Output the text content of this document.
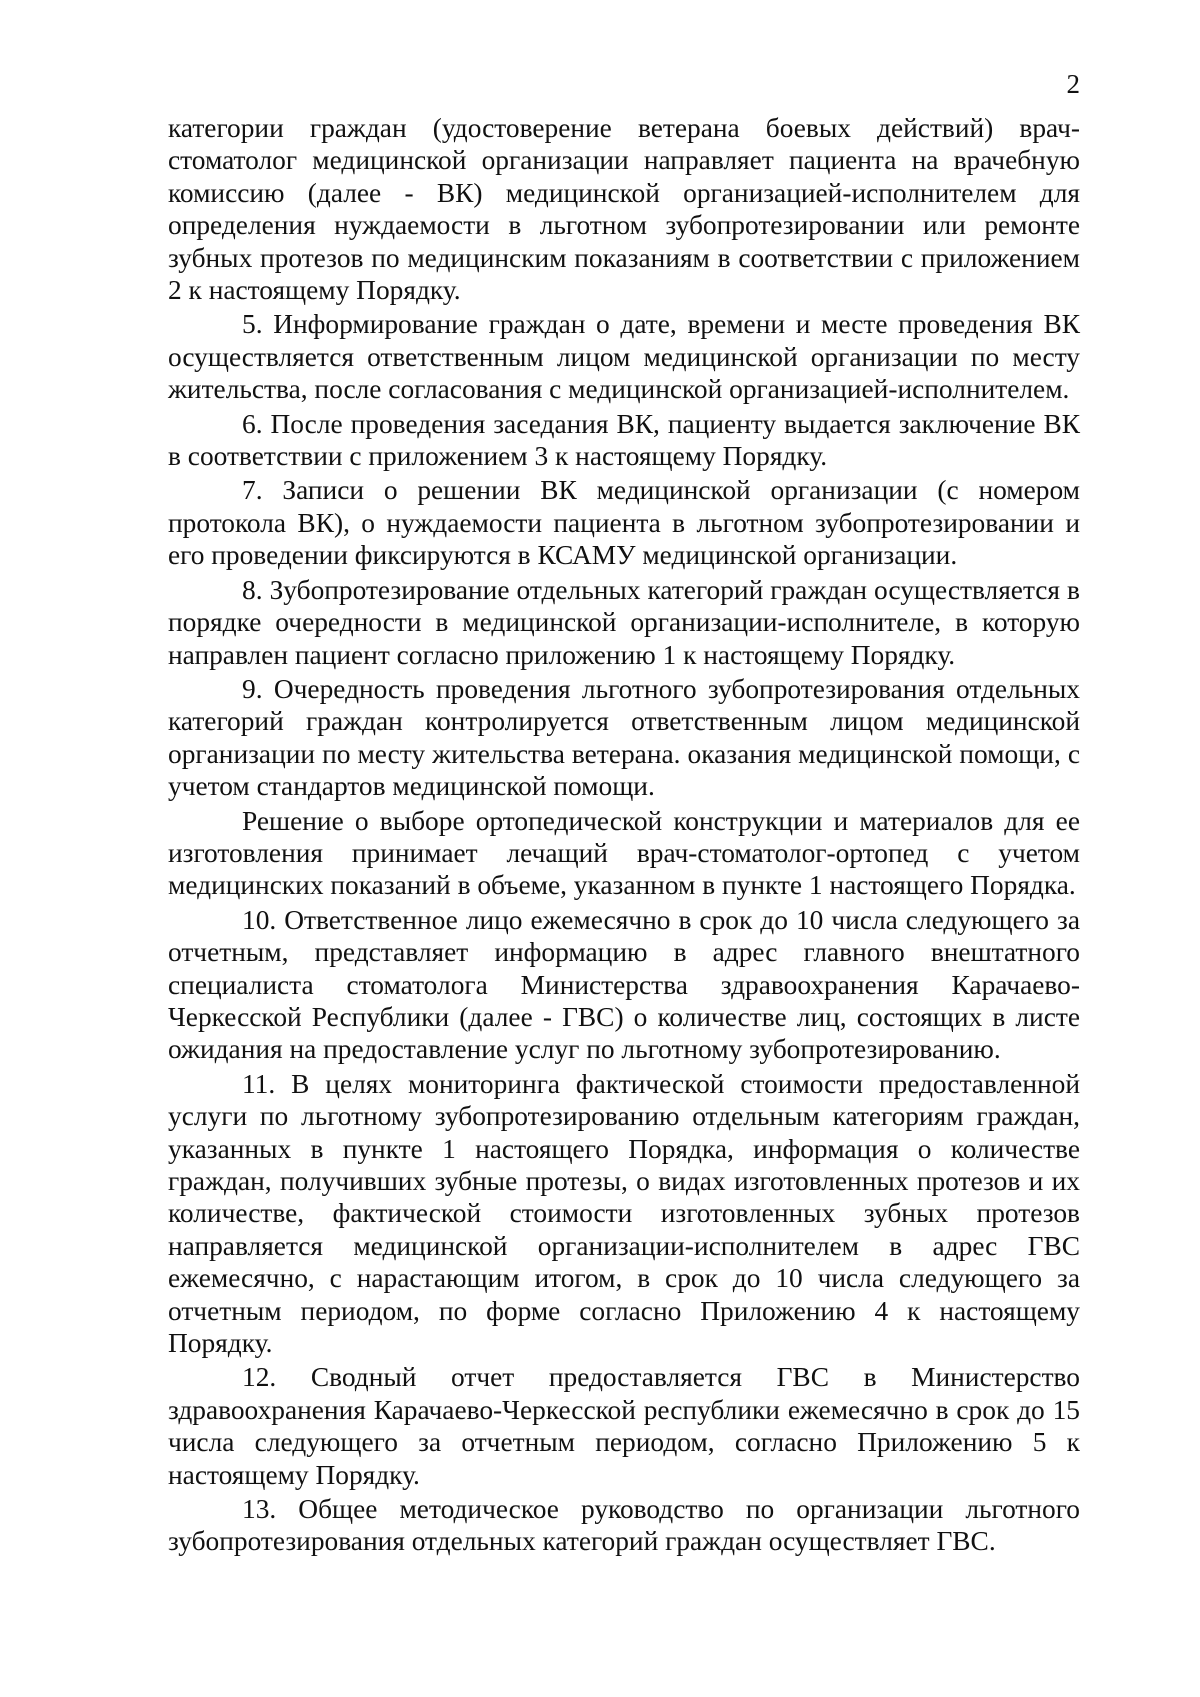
2

категории граждан (удостоверение ветерана боевых действий) врач-стоматолог медицинской организации направляет пациента на врачебную комиссию (далее - ВК) медицинской организацией-исполнителем для определения нуждаемости в льготном зубопротезировании или ремонте зубных протезов по медицинским показаниям в соответствии с приложением 2 к настоящему Порядку.

5. Информирование граждан о дате, времени и месте проведения ВК осуществляется ответственным лицом медицинской организации по месту жительства, после согласования с медицинской организацией-исполнителем.

6. После проведения заседания ВК, пациенту выдается заключение ВК в соответствии с приложением 3 к настоящему Порядку.

7. Записи о решении ВК медицинской организации (с номером протокола ВК), о нуждаемости пациента в льготном зубопротезировании и его проведении фиксируются в КСАМУ медицинской организации.

8. Зубопротезирование отдельных категорий граждан осуществляется в порядке очередности в медицинской организации-исполнителе, в которую направлен пациент согласно приложению 1 к настоящему Порядку.

9. Очередность проведения льготного зубопротезирования отдельных категорий граждан контролируется ответственным лицом медицинской организации по месту жительства ветерана. оказания медицинской помощи, с учетом стандартов медицинской помощи.

Решение о выборе ортопедической конструкции и материалов для ее изготовления принимает лечащий врач-стоматолог-ортопед с учетом медицинских показаний в объеме, указанном в пункте 1 настоящего Порядка.

10. Ответственное лицо ежемесячно в срок до 10 числа следующего за отчетным, представляет информацию в адрес главного внештатного специалиста стоматолога Министерства здравоохранения Карачаево-Черкесской Республики (далее - ГВС) о количестве лиц, состоящих в листе ожидания на предоставление услуг по льготному зубопротезированию.

11. В целях мониторинга фактической стоимости предоставленной услуги по льготному зубопротезированию отдельным категориям граждан, указанных в пункте 1 настоящего Порядка, информация о количестве граждан, получивших зубные протезы, о видах изготовленных протезов и их количестве, фактической стоимости изготовленных зубных протезов направляется медицинской организации-исполнителем в адрес ГВС ежемесячно, с нарастающим итогом, в срок до 10 числа следующего за отчетным периодом, по форме согласно Приложению 4 к настоящему Порядку.

12. Сводный отчет предоставляется ГВС в Министерство здравоохранения Карачаево-Черкесской республики ежемесячно в срок до 15 числа следующего за отчетным периодом, согласно Приложению 5 к настоящему Порядку.

13. Общее методическое руководство по организации льготного зубопротезирования отдельных категорий граждан осуществляет ГВС.
